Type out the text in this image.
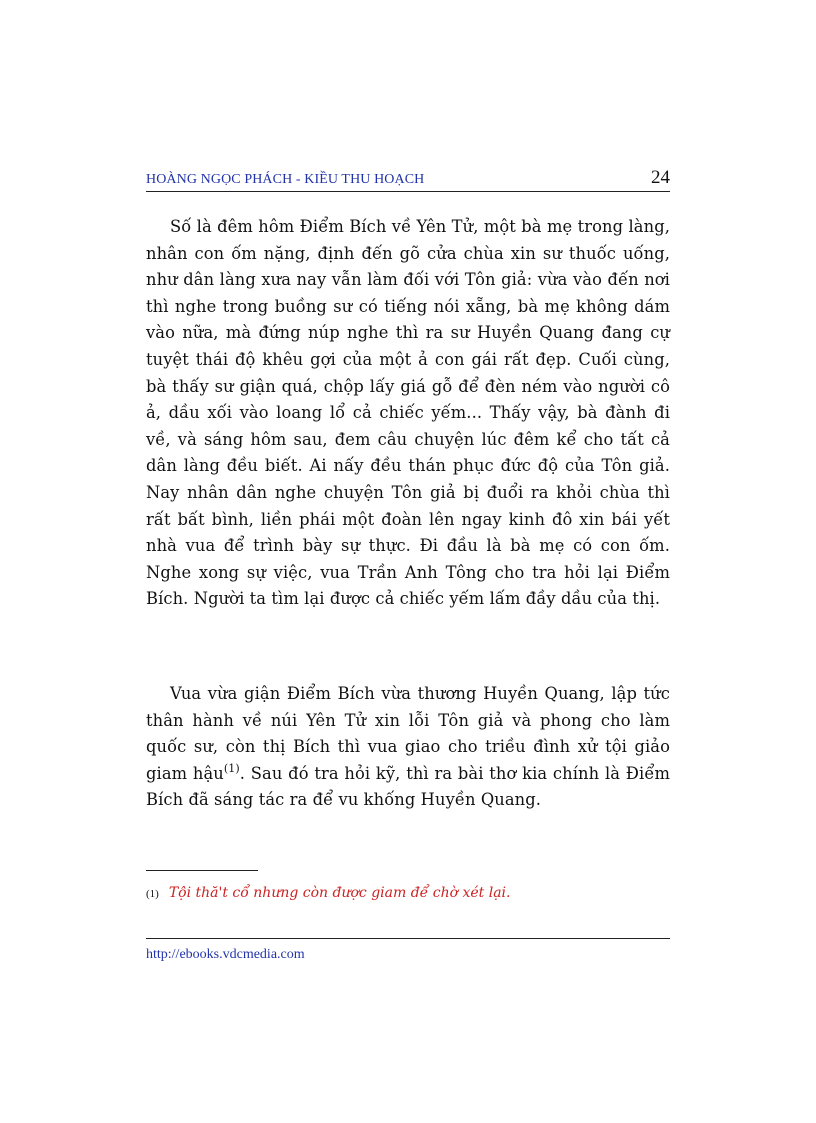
HOÀNG NGỌC PHÁCH - KIỀU THU HOẠCH	24

Số là đêm hôm Điểm Bích về Yên Tử, một bà mẹ trong làng, nhân con ốm nặng, định đến gõ cửa chùa xin sư thuốc uống, như dân làng xưa nay vẫn làm đối với Tôn giả: vừa vào đến nơi thì nghe trong buồng sư có tiếng nói xẵng, bà mẹ không dám vào nữa, mà đứng núp nghe thì ra sư Huyền Quang đang cự tuyệt thái độ khêu gợi của một ả con gái rất đẹp. Cuối cùng, bà thấy sư giận quá, chộp lấy giá gỗ để đèn ném vào người cô ả, dầu xối vào loang lổ cả chiếc yếm... Thấy vậy, bà đành đi về, và sáng hôm sau, đem câu chuyện lúc đêm kể cho tất cả dân làng đều biết. Ai nấy đều thán phục đức độ của Tôn giả. Nay nhân dân nghe chuyện Tôn giả bị đuổi ra khỏi chùa thì rất bất bình, liền phái một đoàn lên ngay kinh đô xin bái yết nhà vua để trình bày sự thực. Đi đầu là bà mẹ có con ốm. Nghe xong sự việc, vua Trần Anh Tông cho tra hỏi lại Điểm Bích. Người ta tìm lại được cả chiếc yếm lấm đầy dầu của thị.

Vua vừa giận Điểm Bích vừa thương Huyền Quang, lập tức thân hành về núi Yên Tử xin lỗi Tôn giả và phong cho làm quốc sư, còn thị Bích thì vua giao cho triều đình xử tội giảo giam hậu$^{(1)}$. Sau đó tra hỏi kỹ, thì ra bài thơ kia chính là Điểm Bích đã sáng tác ra để vu khống Huyền Quang.

(1) Tội thă't cổ nhưng còn được giam để chờ xét lại.
http://ebooks.vdcmedia.com
